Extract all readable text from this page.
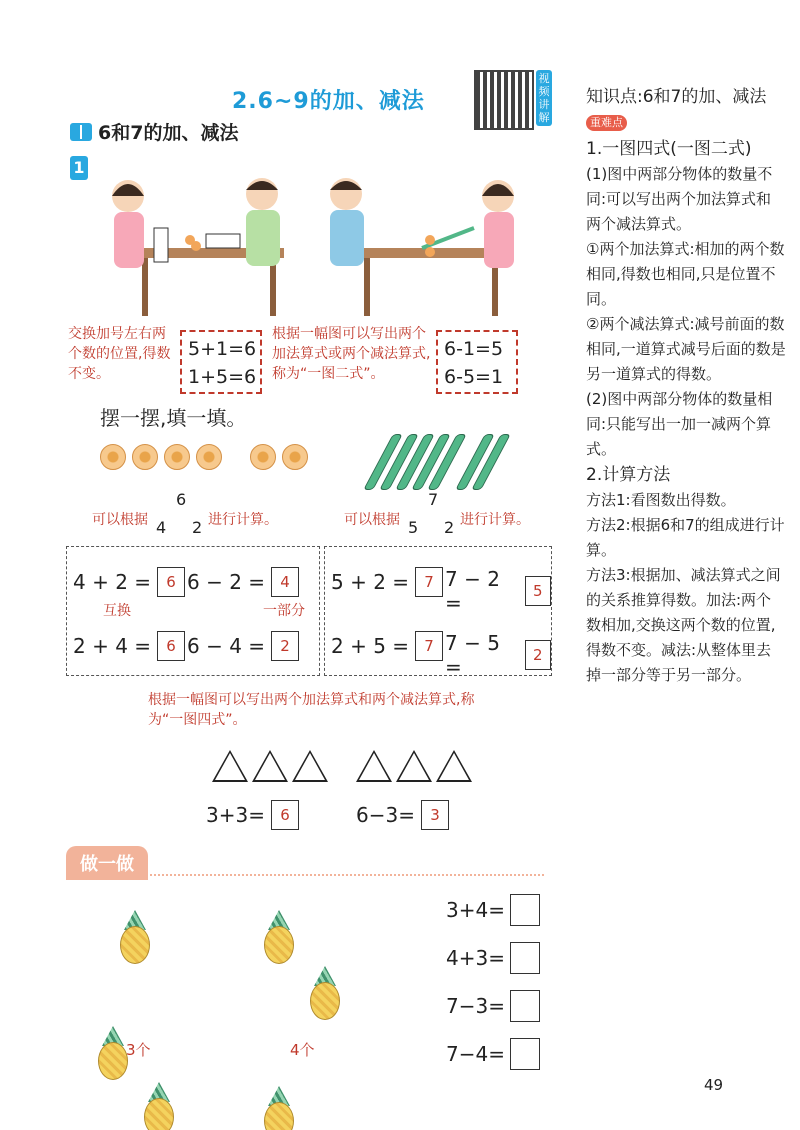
2.6~9的加、减法
视频讲解
6和7的加、减法
1
交换加号左右两个数的位置,得数不变。
5+1=6
1+5=6
根据一幅图可以写出两个加法算式或两个减法算式,称为“一图二式”。
6-1=5
6-5=1
摆一摆,填一填。
可以根据
6
4 2 进行计算。	可以根据
7
5 2 进行计算。
4 + 2 =	6 6 − 2 =	4
互换	一部分
2 + 4 =	6 6 − 4 =	2
5 + 2 =	7 7 − 2 =	5
2 + 5 =	7 7 − 5 =	2
根据一幅图可以写出两个加法算式和两个减法算式,称为“一图四式”。
3+3=	6	6−3=	3
做一做
3个	4个
3+4=
4+3=
7−3=
7−4=

知识点:6和7的加、减法 重难点

1.一图四式(一图二式)

(1)图中两部分物体的数量不同:可以写出两个加法算式和两个减法算式。

①两个加法算式:相加的两个数相同,得数也相同,只是位置不同。

②两个减法算式:减号前面的数相同,一道算式减号后面的数是另一道算式的得数。

(2)图中两部分物体的数量相同:只能写出一加一减两个算式。

2.计算方法

方法1:看图数出得数。

方法2:根据6和7的组成进行计算。

方法3:根据加、减法算式之间的关系推算得数。加法:两个数相加,交换这两个数的位置,得数不变。减法:从整体里去掉一部分等于另一部分。

49
